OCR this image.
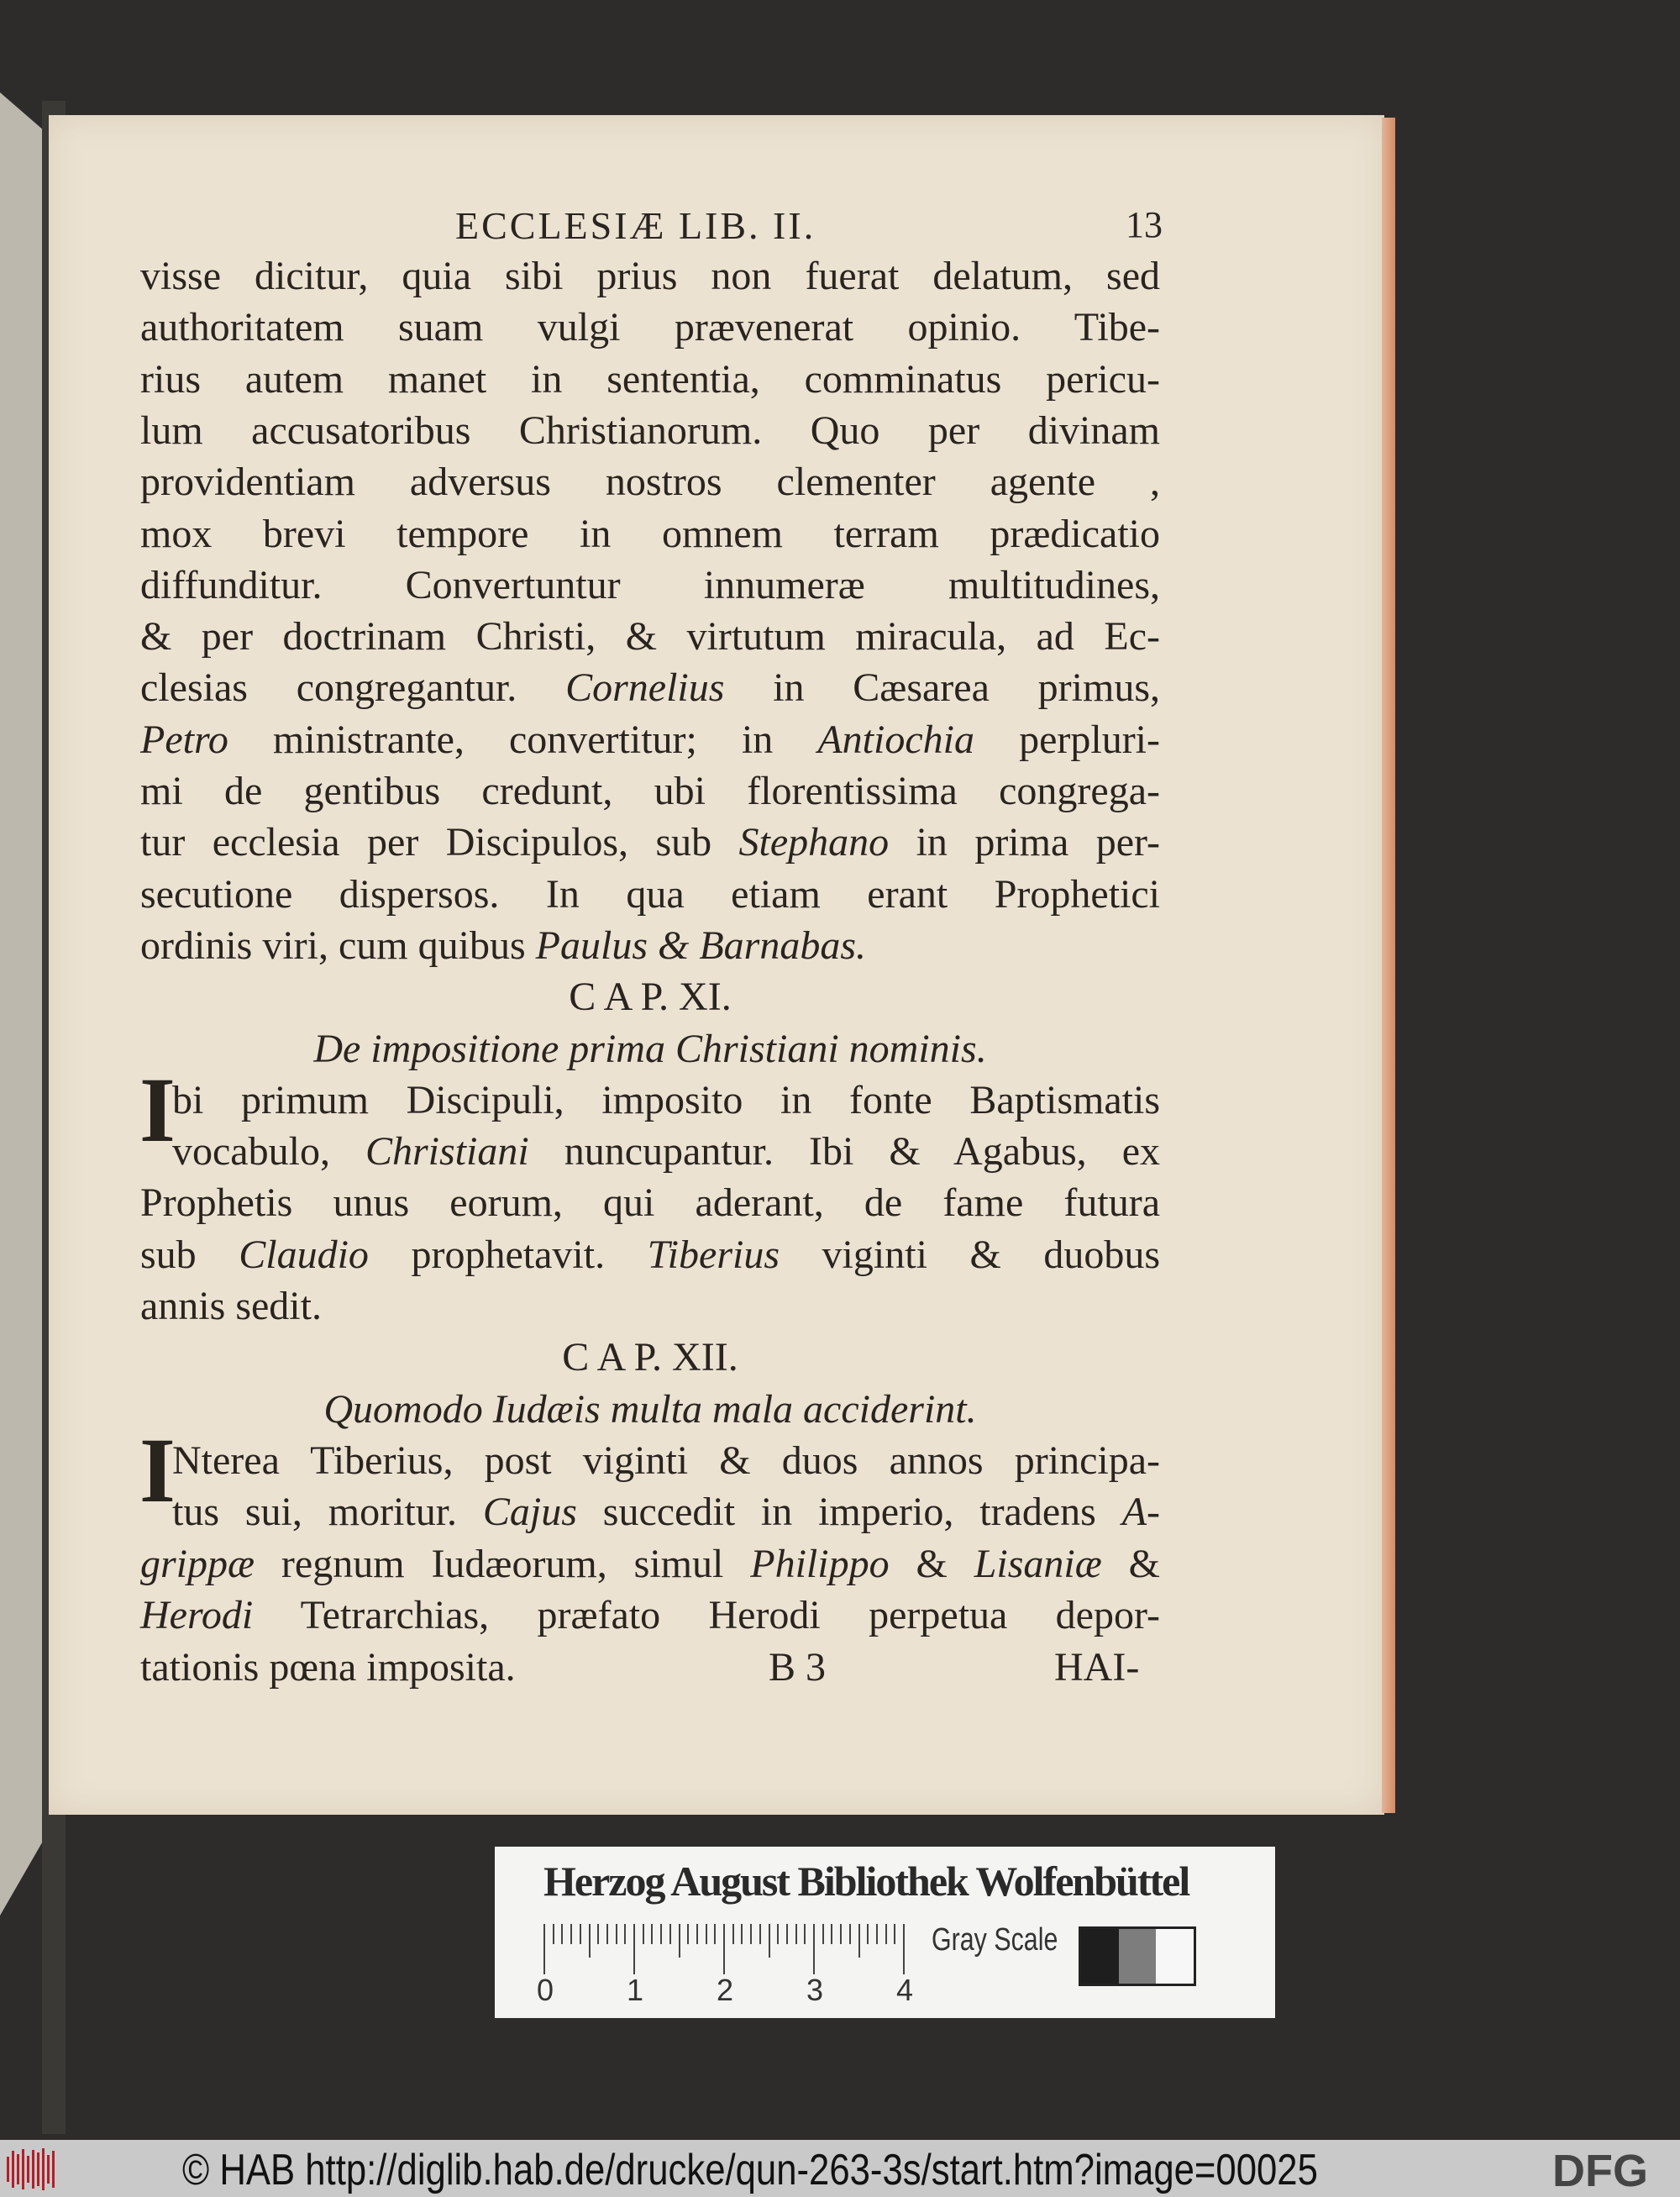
ECCLESIÆ LIB. II.	13
visse dicitur, quia sibi prius non fuerat delatum, sed
authoritatem suam vulgi prævenerat opinio. Tibe-
rius autem manet in sententia, comminatus pericu-
lum accusatoribus Christianorum. Quo per divinam
providentiam adversus nostros clementer agente ,
mox brevi tempore in omnem terram prædicatio
diffunditur. Convertuntur innumeræ multitudines,
& per doctrinam Christi, & virtutum miracula, ad Ec-
clesias congregantur. Cornelius in Cæsarea primus,
Petro ministrante, convertitur; in Antiochia perpluri-
mi de gentibus credunt, ubi florentissima congrega-
tur ecclesia per Discipulos, sub Stephano in prima per-
secutione dispersos. In qua etiam erant Prophetici
ordinis viri, cum quibus Paulus & Barnabas.
C A P. XI.
De impositione prima Christiani nominis.
bi primum Discipuli, imposito in fonte Baptismatis
vocabulo, Christiani nuncupantur. Ibi & Agabus, ex
Prophetis unus eorum, qui aderant, de fame futura
sub Claudio prophetavit. Tiberius viginti & duobus
annis sedit.
C A P. XII.
Quomodo Iudæis multa mala acciderint.
Nterea Tiberius, post viginti & duos annos principa-
tus sui, moritur. Cajus succedit in imperio, tradens A-
grippæ regnum Iudæorum, simul Philippo & Lisaniæ &
Herodi Tetrarchias, præfato Herodi perpetua depor-
I
I
tationis pœna imposita.	B 3	HAI-
Herzog August Bibliothek Wolfenbüttel
0 1 2 3 4
Gray Scale
© HAB http://diglib.hab.de/drucke/qun-263-3s/start.htm?image=00025	DFG
